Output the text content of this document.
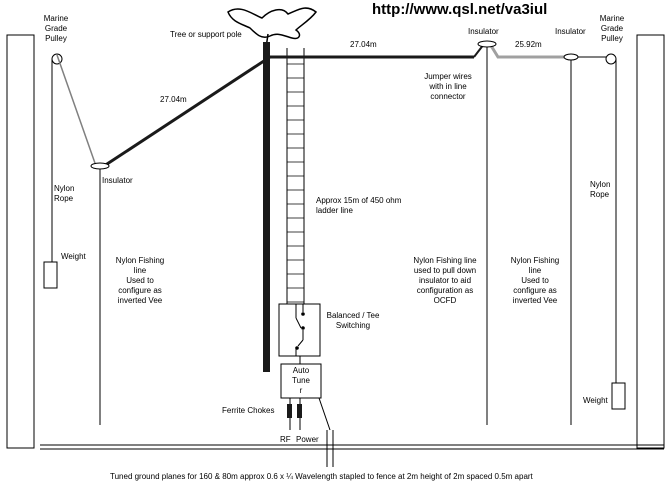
http://www.qsl.net/va3iul
Marine
Grade
Pulley
Marine
Grade
Pulley
Tree or support pole
27.04m	25.92m
27.04m
Insulator	Insulator
Insulator
Jumper wires
with in line
connector
Nylon
Rope
Nylon
Rope
Approx 15m of 450 ohm
ladder line
Weight
Weight
Nylon Fishing
line
Used to
configure as
inverted Vee
Nylon Fishing line
used to pull down
insulator to aid
configuration as
OCFD
Nylon Fishing
line
Used to
configure as
inverted Vee
Balanced / Tee
Switching
Auto
Tune
r
Ferrite Chokes
RF Power
Tuned ground planes for 160 & 80m approx 0.6 x ¼ Wavelength stapled to fence at 2m height of 2m spaced 0.5m apart
